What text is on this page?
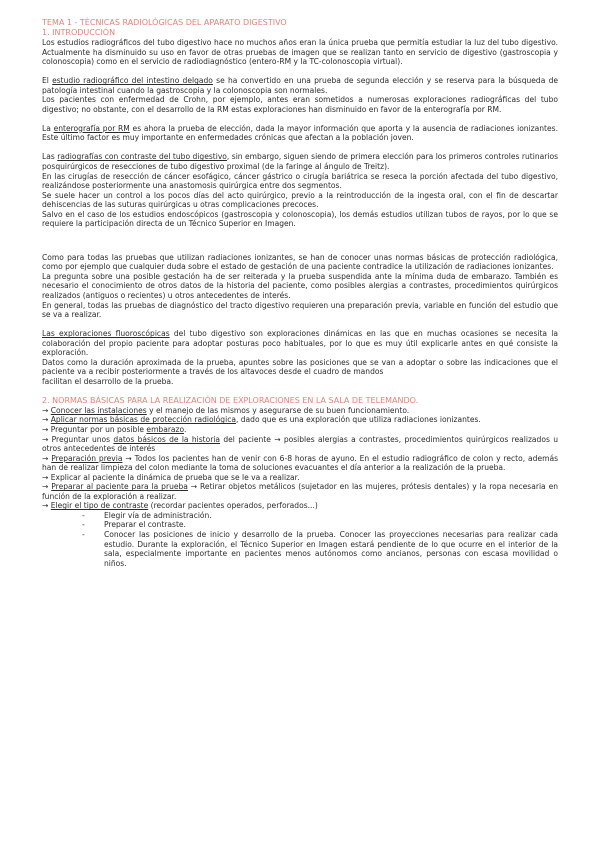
TEMA 1 - TÉCNICAS RADIOLÓGICAS DEL APARATO DIGESTIVO
1. INTRODUCCIÓN

Los estudios radiográficos del tubo digestivo hace no muchos años eran la única prueba que permitía estudiar la luz del tubo digestivo. Actualmente ha disminuido su uso en favor de otras pruebas de imagen que se realizan tanto en servicio de digestivo (gastroscopia y colonoscopia) como en el servicio de radiodiagnóstico (entero-RM y la TC-colonoscopia virtual).

El estudio radiográfico del intestino delgado se ha convertido en una prueba de segunda elección y se reserva para la búsqueda de patología intestinal cuando la gastroscopia y la colonoscopia son normales.

Los pacientes con enfermedad de Crohn, por ejemplo, antes eran sometidos a numerosas exploraciones radiográficas del tubo digestivo; no obstante, con el desarrollo de la RM estas exploraciones han disminuido en favor de la enterografía por RM.

La enterografía por RM es ahora la prueba de elección, dada la mayor información que aporta y la ausencia de radiaciones ionizantes. Este último factor es muy importante en enfermedades crónicas que afectan a la población joven.

Las radiografías con contraste del tubo digestivo, sin embargo, siguen siendo de primera elección para los primeros controles rutinarios posquirúrgicos de resecciones de tubo digestivo proximal (de la faringe al ángulo de Treitz).

En las cirugías de resección de cáncer esofágico, cáncer gástrico o cirugía bariátrica se reseca la porción afectada del tubo digestivo, realizándose posteriormente una anastomosis quirúrgica entre dos segmentos.

Se suele hacer un control a los pocos días del acto quirúrgico, previo a la reintroducción de la ingesta oral, con el fin de descartar dehiscencias de las suturas quirúrgicas u otras complicaciones precoces.

Salvo en el caso de los estudios endoscópicos (gastroscopia y colonoscopia), los demás estudios utilizan tubos de rayos, por lo que se requiere la participación directa de un Técnico Superior en Imagen.

Como para todas las pruebas que utilizan radiaciones ionizantes, se han de conocer unas normas básicas de protección radiológica, como por ejemplo que cualquier duda sobre el estado de gestación de una paciente contradice la utilización de radiaciones ionizantes.

La pregunta sobre una posible gestación ha de ser reiterada y la prueba suspendida ante la mínima duda de embarazo. También es necesario el conocimiento de otros datos de la historia del paciente, como posibles alergias a contrastes, procedimientos quirúrgicos realizados (antiguos o recientes) u otros antecedentes de interés.

En general, todas las pruebas de diagnóstico del tracto digestivo requieren una preparación previa, variable en función del estudio que se va a realizar.

Las exploraciones fluoroscópicas del tubo digestivo son exploraciones dinámicas en las que en muchas ocasiones se necesita la colaboración del propio paciente para adoptar posturas poco habituales, por lo que es muy útil explicarle antes en qué consiste la exploración.

Datos como la duración aproximada de la prueba, apuntes sobre las posiciones que se van a adoptar o sobre las indicaciones que el paciente va a recibir posteriormente a través de los altavoces desde el cuadro de mandos

facilitan el desarrollo de la prueba.

2. NORMAS BÁSICAS PARA LA REALIZACIÓN DE EXPLORACIONES EN LA SALA DE TELEMANDO.

→ Conocer las instalaciones y el manejo de las mismos y asegurarse de su buen funcionamiento.

→ Aplicar normas básicas de protección radiológica, dado que es una exploración que utiliza radiaciones ionizantes.

→ Preguntar por un posible embarazo.

→ Preguntar unos datos básicos de la historia del paciente → posibles alergias a contrastes, procedimientos quirúrgicos realizados u otros antecedentes de interés

→ Preparación previa → Todos los pacientes han de venir con 6-8 horas de ayuno. En el estudio radiográfico de colon y recto, además han de realizar limpieza del colon mediante la toma de soluciones evacuantes el día anterior a la realización de la prueba.

→ Explicar al paciente la dinámica de prueba que se le va a realizar.

→ Preparar al paciente para la prueba → Retirar objetos metálicos (sujetador en las mujeres, prótesis dentales) y la ropa necesaria en función de la exploración a realizar.

→ Elegir el tipo de contraste (recordar pacientes operados, perforados...)

-	Elegir vía de administración.

-	Preparar el contraste.

-	Conocer las posiciones de inicio y desarrollo de la prueba. Conocer las proyecciones necesarias para realizar cada estudio. Durante la exploración, el Técnico Superior en Imagen estará pendiente de lo que ocurre en el interior de la sala, especialmente importante en pacientes menos autónomos como ancianos, personas con escasa movilidad o niños.
